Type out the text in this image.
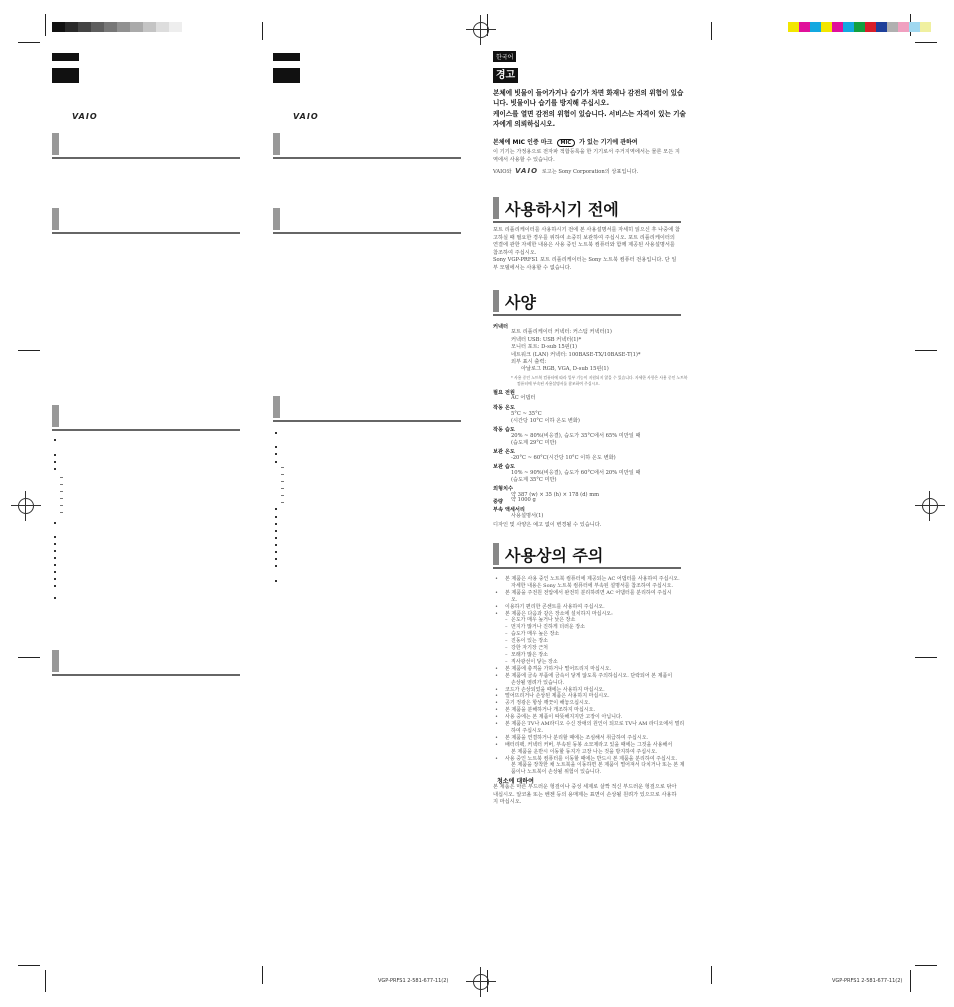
VAIO	VAIO
한국어
경고
본체에 빗물이 들어가거나 습기가 차면 화재나 감전의 위험이 있습니다. 빗물이나 습기를 방지해 주십시오.
케이스를 열면 감전의 위험이 있습니다. 서비스는 자격이 있는 기술자에게 의뢰하십시오.
본체에 MIC 인증 마크 MIC 가 있는 기기에 관하여
이 기기는 가정용으로 전자파 적합등록을 한 기기로서 주거지역에서는 물론 모든 지역에서 사용할 수 있습니다.
VAIO와 VAIO 로고는 Sony Corporation의 상표입니다.
사용하시기 전에
포트 리플리케이터를 사용하시기 전에 본 사용설명서를 자세히 읽으신 후 나중에 참고하실 때 필요한 경우를 위하여 소중히 보관하여 주십시오. 포트 리플리케이터의 연결에 관한 자세한 내용은 사용 중인 노트북 컴퓨터와 함께 제공된 사용설명서를 참조하여 주십시오.
Sony VGP-PRFS1 포트 리플리케이터는 Sony 노트북 컴퓨터 전용입니다. 단 일부 모델에서는 사용할 수 없습니다.
사양
커넥터
포트 리플리케이터 커넥터: 커스텀 커넥터(1)
커넥터 USB: USB 커넥터(1)*
모니터 포트: D-sub 15핀(1)
네트워크 (LAN) 커넥터: 100BASE-TX/10BASE-T(1)*
외부 표시 출력:
아날로그 RGB, VGA, D-sub 15핀(1)
* 사용 중인 노트북 컴퓨터에 따라 일부 기능이 지원되지 않을 수 있습니다. 자세한 사항은 사용 중인 노트북
컴퓨터에 부속된 사용설명서를 참조하여 주십시오.
필요 전원
AC 어댑터
작동 온도
5°C ~ 35°C
(시간당 10°C 이하 온도 변화)
작동 습도
20% ~ 80%(비응결), 습도가 35°C에서 65% 미만일 때
(습도계 29°C 미만)
보관 온도
-20°C ~ 60°C(시간당 10°C 이하 온도 변화)
보관 습도
10% ~ 90%(비응결), 습도가 60°C에서 20% 미만일 때
(습도계 35°C 미만)
외형치수
약 387 (w) × 35 (h) × 178 (d) mm
중량 약 1000 g
부속 액세서리
사용설명서(1)
디자인 및 사양은 예고 없이 변경될 수 있습니다.
사용상의 주의
• 본 제품은 사용 중인 노트북 컴퓨터에 제공되는 AC 어댑터를 사용하여 주십시오.
자세한 내용은 Sony 노트북 컴퓨터에 부속된 설명서를 참조하여 주십시오.
• 본 제품을 주전원 전압에서 완전히 분리하려면 AC 어댑터를 분리하여 주십시
오.
• 이용하기 편리한 콘센트를 사용하여 주십시오.
• 본 제품은 다음과 같은 장소에 설치하지 마십시오:
– 온도가 매우 높거나 낮은 장소
– 먼지가 많거나 진하게 더러운 장소
– 습도가 매우 높은 장소
– 진동이 있는 장소
– 강한 자기장 근처
– 모래가 많은 장소
– 직사광선이 닿는 장소
• 본 제품에 충격을 가하거나 떨어뜨리지 마십시오.
• 본 제품에 금속 부품에 금속이 닿게 않도록 주의하십시오. 단락되어 본 제품이
손상될 염려가 있습니다.
• 코드가 손상되었을 때에는 사용하지 마십시오.
• 떨어뜨리거나 손상된 제품은 사용하지 마십시오.
• 공기 정광은 항상 깨끗이 해놓으십시오.
• 본 제품을 분해하거나 개조하지 마십시오.
• 사용 중에는 본 제품이 따뜻해지지만 고장이 아닙니다.
• 본 제품은 TV나 AM라디오 수신 장애의 원인이 되므로 TV나 AM 라디오에서 멀리
하여 주십시오.
• 본 제품을 연결하거나 분리할 때에는 조심해서 취급하여 주십시오.
• 배터리팩, 커넥터 커버, 부속된 동봉 소모제라고 있을 때에는 그것을 사용해서
본 제품을 운반시 이동할 동지가 고장 나는 것을 방지하여 주십시오.
• 사용 중인 노트북 컴퓨터를 이동할 때에는 반드시 본 제품을 분리하여 주십시오.
본 제품을 장착한 채 노트북을 이동하면 본 제품이 떨어져서 다치거나 또는 본 제
품이나 노트북이 손상될 위험이 있습니다.
청소에 대하여
본 제품은 마른 부드러운 헝겊이나 중성 세제로 살짝 적신 부드러운 헝겊으로 닦아내십시오. 알코올 또는 벤젠 등의 용매제는 표면이 손상될 원려가 있으므로 사용하지 마십시오.
VGP-PRFS1 2-581-677-11(2)	VGP-PRFS1 2-581-677-11(2)
